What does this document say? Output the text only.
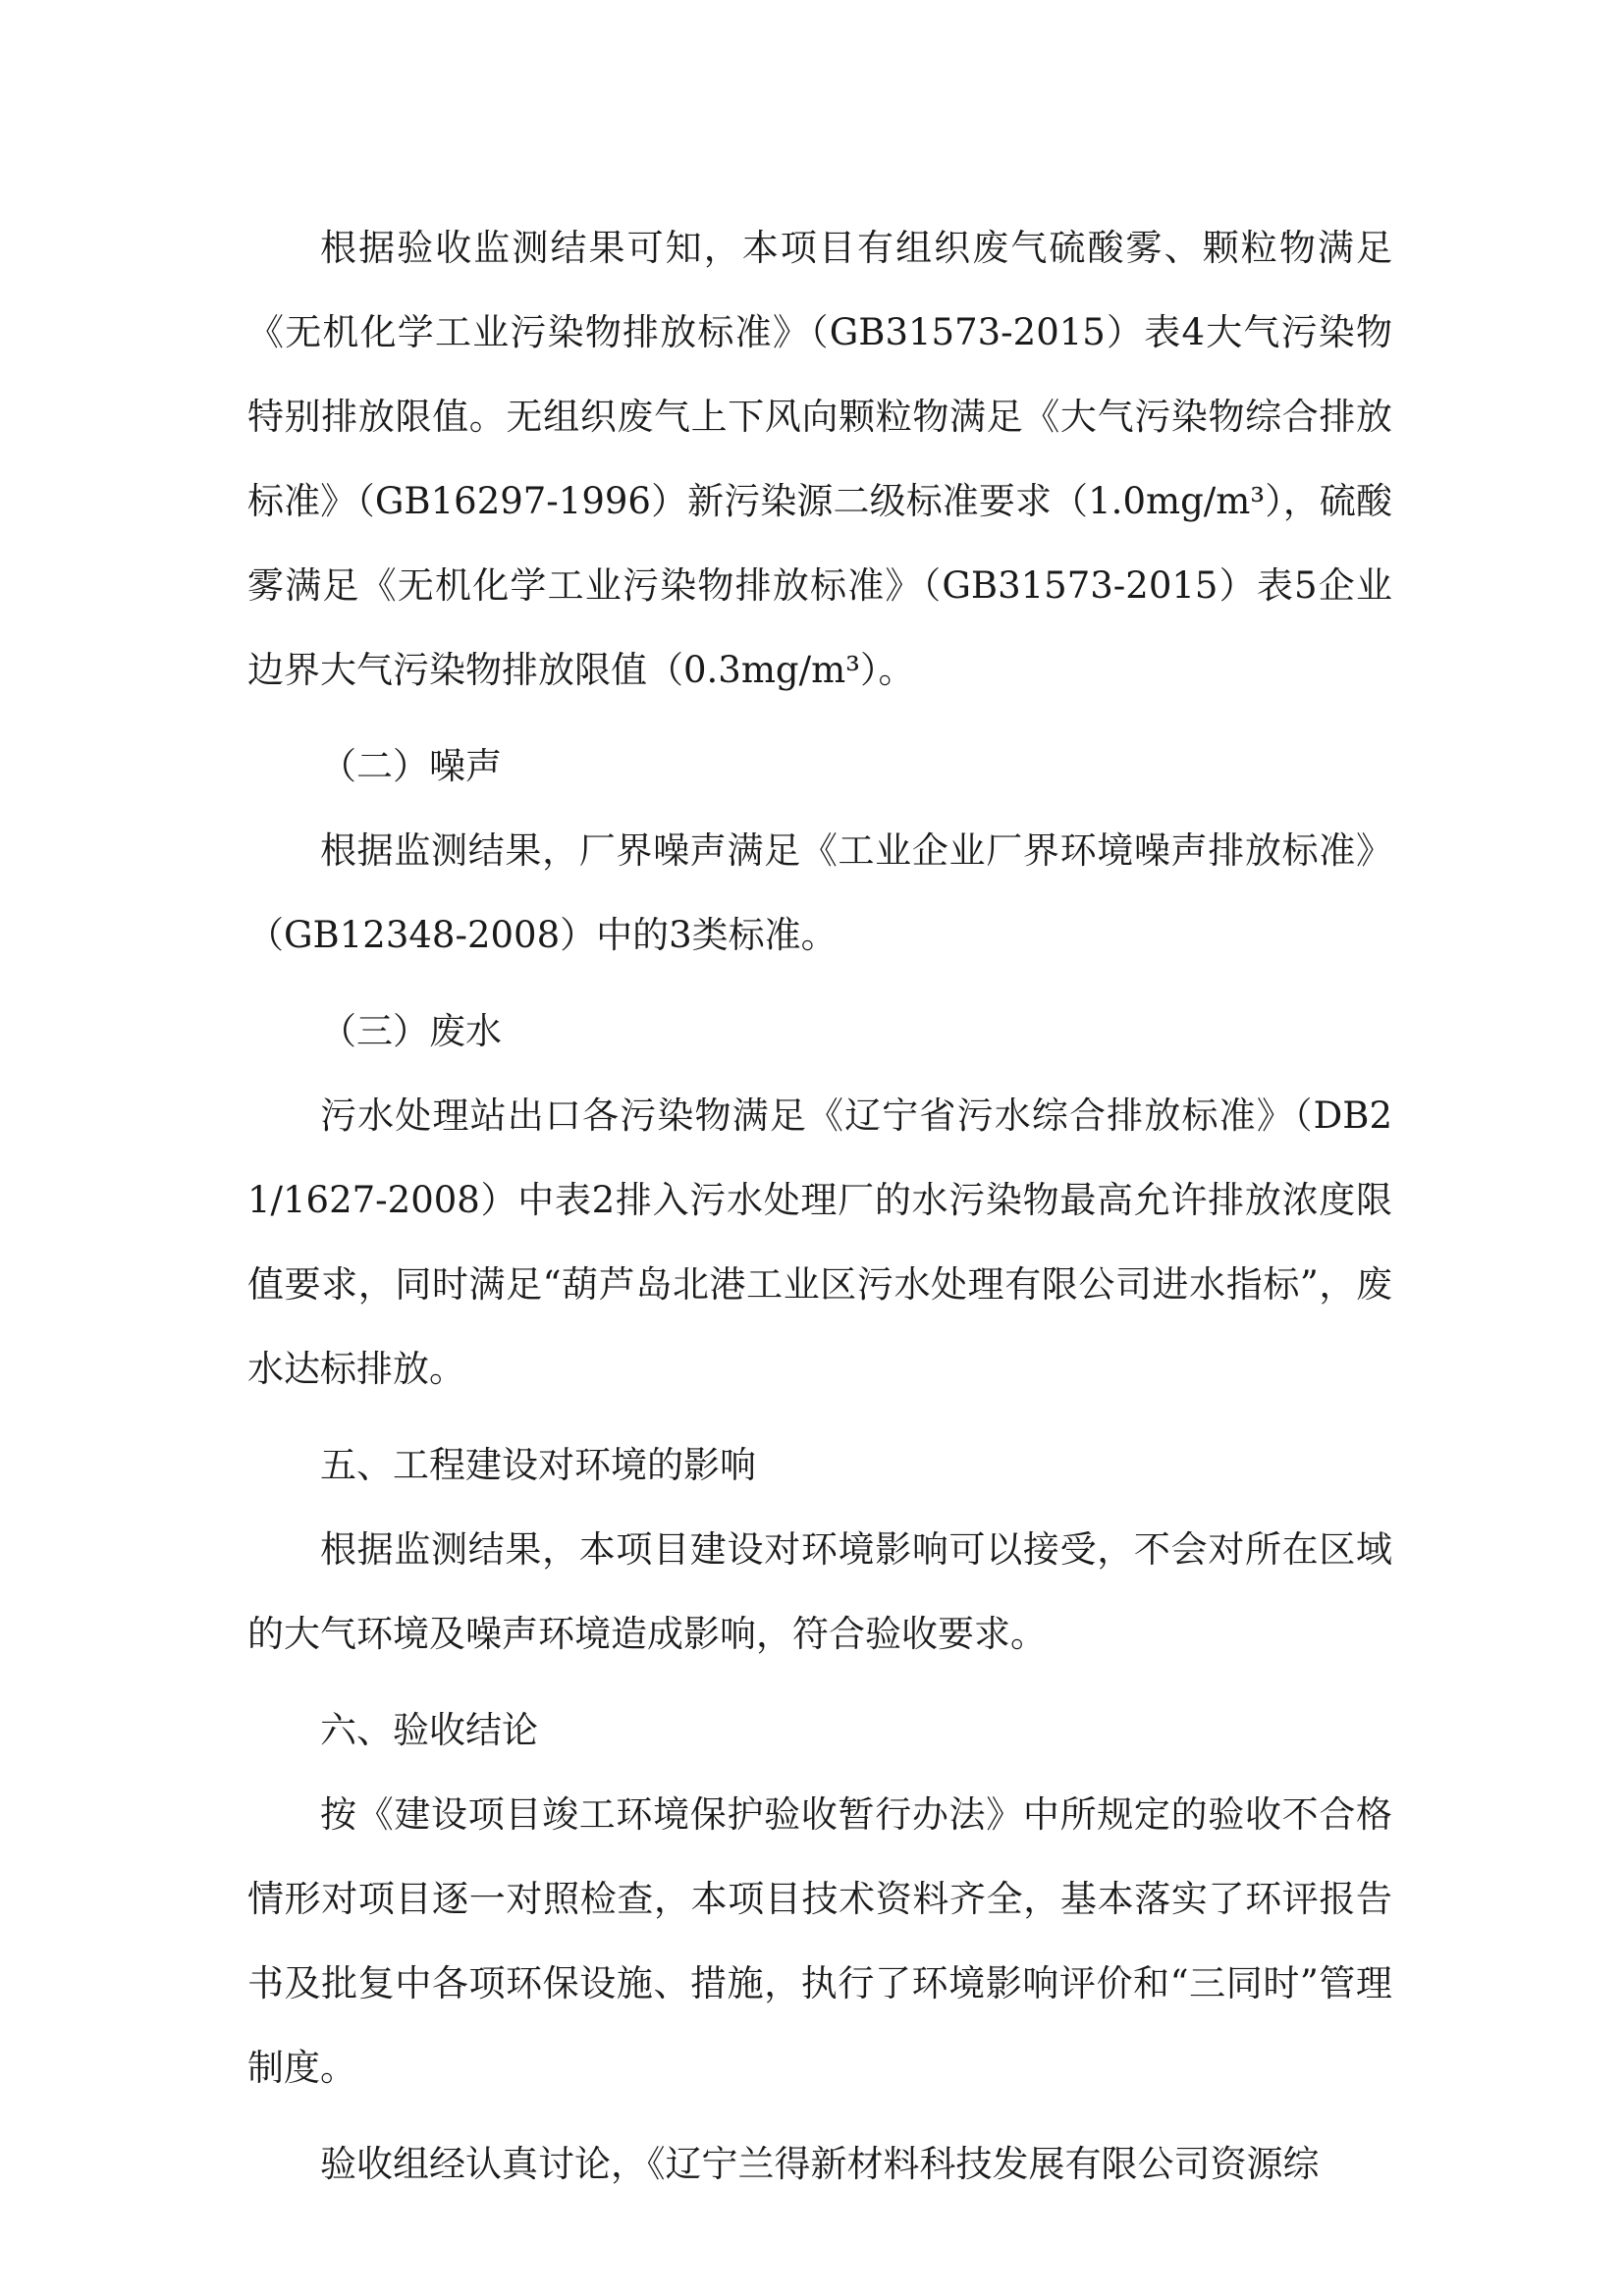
根据验收监测结果可知，本项目有组织废气硫酸雾、颗粒物满足《无机化学工业污染物排放标准》（GB31573-2015）表4大气污染物特别排放限值。无组织废气上下风向颗粒物满足《大气污染物综合排放标准》（GB16297-1996）新污染源二级标准要求（1.0mg/m³），硫酸雾满足《无机化学工业污染物排放标准》（GB31573-2015）表5企业边界大气污染物排放限值（0.3mg/m³）。

（二）噪声

根据监测结果，厂界噪声满足《工业企业厂界环境噪声排放标准》（GB12348-2008）中的3类标准。

（三）废水

污水处理站出口各污染物满足《辽宁省污水综合排放标准》（DB21/1627-2008）中表2排入污水处理厂的水污染物最高允许排放浓度限值要求，同时满足“葫芦岛北港工业区污水处理有限公司进水指标”，废水达标排放。

五、工程建设对环境的影响

根据监测结果，本项目建设对环境影响可以接受，不会对所在区域的大气环境及噪声环境造成影响，符合验收要求。

六、验收结论

按《建设项目竣工环境保护验收暂行办法》中所规定的验收不合格情形对项目逐一对照检查，本项目技术资料齐全，基本落实了环评报告书及批复中各项环保设施、措施，执行了环境影响评价和“三同时”管理制度。

验收组经认真讨论，《辽宁兰得新材料科技发展有限公司资源综
